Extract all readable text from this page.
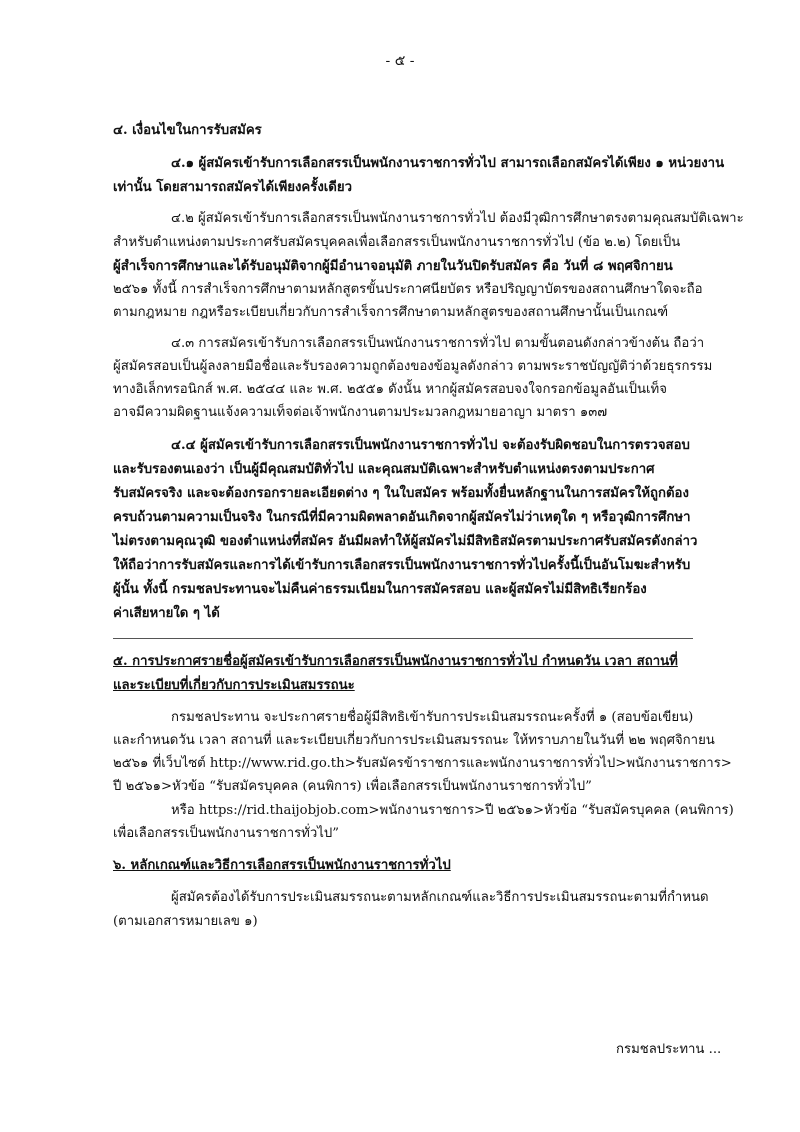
- ๕ -
๔. เงื่อนไขในการรับสมัคร
๔.๑ ผู้สมัครเข้ารับการเลือกสรรเป็นพนักงานราชการทั่วไป สามารถเลือกสมัครได้เพียง ๑ หน่วยงาน
เท่านั้น โดยสามารถสมัครได้เพียงครั้งเดียว
๔.๒ ผู้สมัครเข้ารับการเลือกสรรเป็นพนักงานราชการทั่วไป ต้องมีวุฒิการศึกษาตรงตามคุณสมบัติเฉพาะ
สำหรับตำแหน่งตามประกาศรับสมัครบุคคลเพื่อเลือกสรรเป็นพนักงานราชการทั่วไป (ข้อ ๒.๒) โดยเป็น
ผู้สำเร็จการศึกษาและได้รับอนุมัติจากผู้มีอำนาจอนุมัติ ภายในวันปิดรับสมัคร คือ วันที่ ๘ พฤศจิกายน
๒๕๖๑ ทั้งนี้ การสำเร็จการศึกษาตามหลักสูตรขั้นประกาศนียบัตร หรือปริญญาบัตรของสถานศึกษาใดจะถือ
ตามกฎหมาย กฎหรือระเบียบเกี่ยวกับการสำเร็จการศึกษาตามหลักสูตรของสถานศึกษานั้นเป็นเกณฑ์
๔.๓ การสมัครเข้ารับการเลือกสรรเป็นพนักงานราชการทั่วไป ตามขั้นตอนดังกล่าวข้างต้น ถือว่า
ผู้สมัครสอบเป็นผู้ลงลายมือชื่อและรับรองความถูกต้องของข้อมูลดังกล่าว ตามพระราชบัญญัติว่าด้วยธุรกรรม
ทางอิเล็กทรอนิกส์ พ.ศ. ๒๕๔๔ และ พ.ศ. ๒๕๕๑ ดังนั้น หากผู้สมัครสอบจงใจกรอกข้อมูลอันเป็นเท็จ
อาจมีความผิดฐานแจ้งความเท็จต่อเจ้าพนักงานตามประมวลกฎหมายอาญา มาตรา ๑๓๗
๔.๔ ผู้สมัครเข้ารับการเลือกสรรเป็นพนักงานราชการทั่วไป จะต้องรับผิดชอบในการตรวจสอบ
และรับรองตนเองว่า เป็นผู้มีคุณสมบัติทั่วไป และคุณสมบัติเฉพาะสำหรับตำแหน่งตรงตามประกาศ
รับสมัครจริง และจะต้องกรอกรายละเอียดต่าง ๆ ในใบสมัคร พร้อมทั้งยื่นหลักฐานในการสมัครให้ถูกต้อง
ครบถ้วนตามความเป็นจริง ในกรณีที่มีความผิดพลาดอันเกิดจากผู้สมัครไม่ว่าเหตุใด ๆ หรือวุฒิการศึกษา
ไม่ตรงตามคุณวุฒิ ของตำแหน่งที่สมัคร อันมีผลทำให้ผู้สมัครไม่มีสิทธิสมัครตามประกาศรับสมัครดังกล่าว
ให้ถือว่าการรับสมัครและการได้เข้ารับการเลือกสรรเป็นพนักงานราชการทั่วไปครั้งนี้เป็นอันโมฆะสำหรับ
ผู้นั้น ทั้งนี้ กรมชลประทานจะไม่คืนค่าธรรมเนียมในการสมัครสอบ และผู้สมัครไม่มีสิทธิเรียกร้อง
ค่าเสียหายใด ๆ ได้
๕. การประกาศรายชื่อผู้สมัครเข้ารับการเลือกสรรเป็นพนักงานราชการทั่วไป กำหนดวัน เวลา สถานที่
และระเบียบที่เกี่ยวกับการประเมินสมรรถนะ
กรมชลประทาน จะประกาศรายชื่อผู้มีสิทธิเข้ารับการประเมินสมรรถนะครั้งที่ ๑ (สอบข้อเขียน)
และกำหนดวัน เวลา สถานที่ และระเบียบเกี่ยวกับการประเมินสมรรถนะ ให้ทราบภายในวันที่ ๒๒ พฤศจิกายน
๒๕๖๑ ที่เว็บไซต์ http://www.rid.go.th>รับสมัครข้าราชการและพนักงานราชการทั่วไป>พนักงานราชการ>
ปี ๒๕๖๑>หัวข้อ “รับสมัครบุคคล (คนพิการ) เพื่อเลือกสรรเป็นพนักงานราชการทั่วไป”
หรือ https://rid.thaijobjob.com>พนักงานราชการ>ปี ๒๕๖๑>หัวข้อ “รับสมัครบุคคล (คนพิการ)
เพื่อเลือกสรรเป็นพนักงานราชการทั่วไป”
๖. หลักเกณฑ์และวิธีการเลือกสรรเป็นพนักงานราชการทั่วไป
ผู้สมัครต้องได้รับการประเมินสมรรถนะตามหลักเกณฑ์และวิธีการประเมินสมรรถนะตามที่กำหนด
(ตามเอกสารหมายเลข ๑)
กรมชลประทาน ...
